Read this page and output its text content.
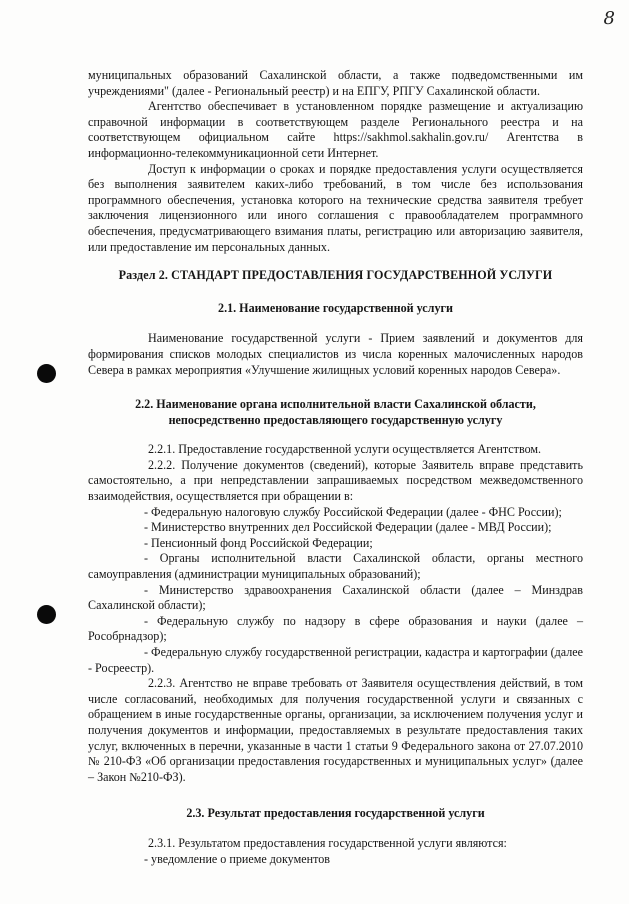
8

муниципальных образований Сахалинской области, а также подведомственными им учреждениями" (далее - Региональный реестр) и на ЕПГУ, РПГУ Сахалинской области.

Агентство обеспечивает в установленном порядке размещение и актуализацию справочной информации в соответствующем разделе Регионального реестра и на соответствующем официальном сайте https://sakhmol.sakhalin.gov.ru/ Агентства в информационно-телекоммуникационной сети Интернет.

Доступ к информации о сроках и порядке предоставления услуги осуществляется без выполнения заявителем каких-либо требований, в том числе без использования программного обеспечения, установка которого на технические средства заявителя требует заключения лицензионного или иного соглашения с правообладателем программного обеспечения, предусматривающего взимания платы, регистрацию или авторизацию заявителя, или предоставление им персональных данных.

Раздел 2. СТАНДАРТ ПРЕДОСТАВЛЕНИЯ ГОСУДАРСТВЕННОЙ УСЛУГИ
2.1. Наименование государственной услуги

Наименование государственной услуги - Прием заявлений и документов для формирования списков молодых специалистов из числа коренных малочисленных народов Севера в рамках мероприятия «Улучшение жилищных условий коренных народов Севера».

2.2. Наименование органа исполнительной власти Сахалинской области,
непосредственно предоставляющего государственную услугу

2.2.1. Предоставление государственной услуги осуществляется Агентством.

2.2.2. Получение документов (сведений), которые Заявитель вправе представить самостоятельно, а при непредставлении запрашиваемых посредством межведомственного взаимодействия, осуществляется при обращении в:

- Федеральную налоговую службу Российской Федерации (далее - ФНС России);

- Министерство внутренних дел Российской Федерации (далее - МВД России);

- Пенсионный фонд Российской Федерации;

- Органы исполнительной власти Сахалинской области, органы местного самоуправления (администрации муниципальных образований);

- Министерство здравоохранения Сахалинской области (далее – Минздрав Сахалинской области);

- Федеральную службу по надзору в сфере образования и науки (далее – Рособрнадзор);

- Федеральную службу государственной регистрации, кадастра и картографии (далее - Росреестр).

2.2.3. Агентство не вправе требовать от Заявителя осуществления действий, в том числе согласований, необходимых для получения государственной услуги и связанных с обращением в иные государственные органы, организации, за исключением получения услуг и получения документов и информации, предоставляемых в результате предоставления таких услуг, включенных в перечни, указанные в части 1 статьи 9 Федерального закона от 27.07.2010 № 210-ФЗ «Об организации предоставления государственных и муниципальных услуг» (далее – Закон №210-ФЗ).

2.3. Результат предоставления государственной услуги

2.3.1. Результатом предоставления государственной услуги являются:

- уведомление о приеме документов
